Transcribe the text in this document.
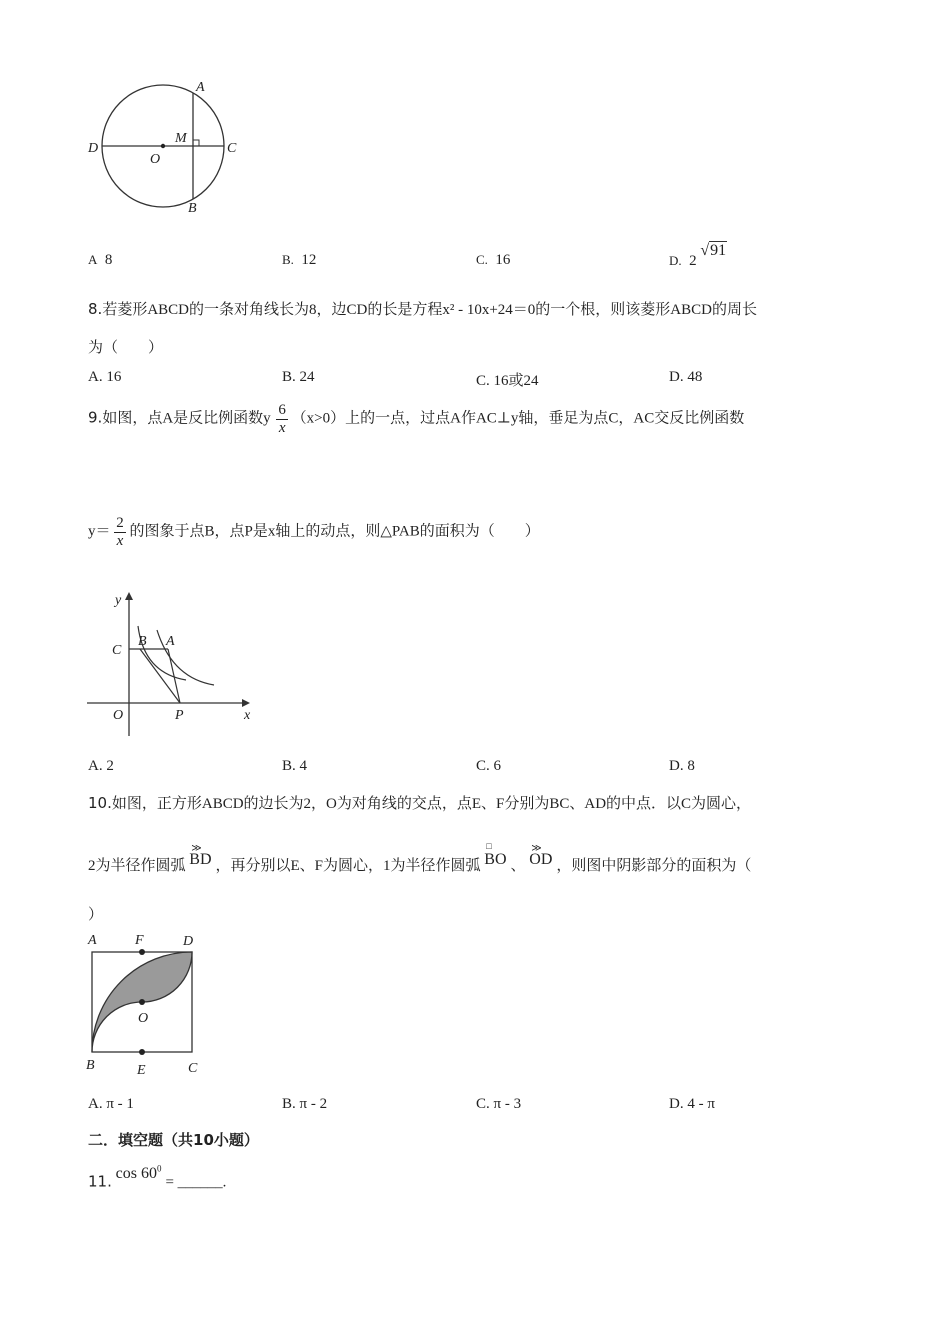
A
D	C
O
M
B
A 8	B. 12	C. 16	D. 2 √91
8.若菱形ABCD的一条对角线长为8，边CD的长是方程x² - 10x+24＝0的一个根，则该菱形ABCD的周长
为（　　）
A. 16	B. 24	C. 16或24	D. 48
9.如图，点A是反比例函数y $\frac{6}{x} (x>0)$上的一点，过点A作AC⊥y轴，垂足为点C，AC交反比例函数
$y= \frac{2}{x}$ 的图象于点B，点P是x轴上的动点，则△PAB的面积为（　　）
y
x
C
B A
O	P
A. 2	B. 4	C. 6	D. 8
10.如图，正方形ABCD的边长为2，O为对角线的交点，点E、F分别为BC、AD的中点．以C为圆心，
2为半径作圆弧
≫
BD ，再分别以E、F为圆心，1为半径作圆弧
□
BO 、
≫
OD ，则图中阴影部分的面积为（
）
A	F	D
O
B	E	C
A. π - 1	B. π - 2	C. π - 3	D. 4 - π
二．填空题（共10小题）
11. $\cos 60^0$ = ______.
